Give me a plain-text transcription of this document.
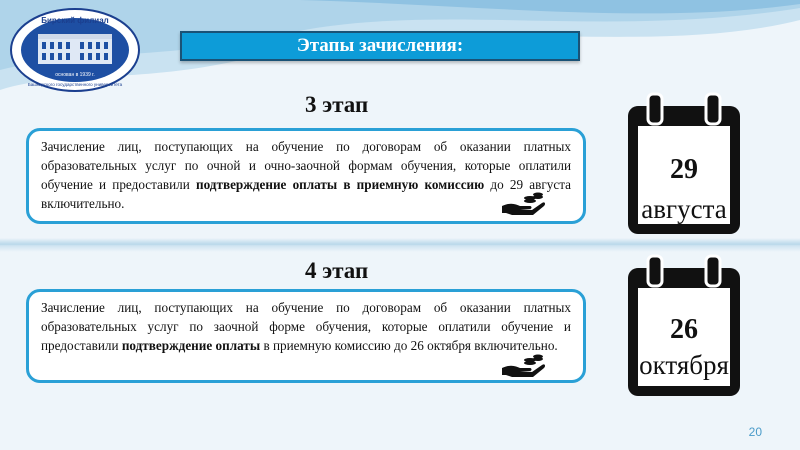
Бирский филиал
основан в 1939 г.
Башкирского государственного университета
Этапы зачисления:
3 этап
Зачисление лиц, поступающих на обучение по договорам об оказании платных образовательных услуг по очной и очно-заочной формам обучения, которые оплатили обучение и предоставили подтверждение оплаты в приемную комиссию до 29 августа включительно.
29
августа
4 этап
Зачисление лиц, поступающих на обучение по договорам об оказании платных образовательных услуг по заочной форме обучения, которые оплатили обучение и предоставили подтверждение оплаты в приемную комиссию до 26 октября включительно.
26
октября
20
